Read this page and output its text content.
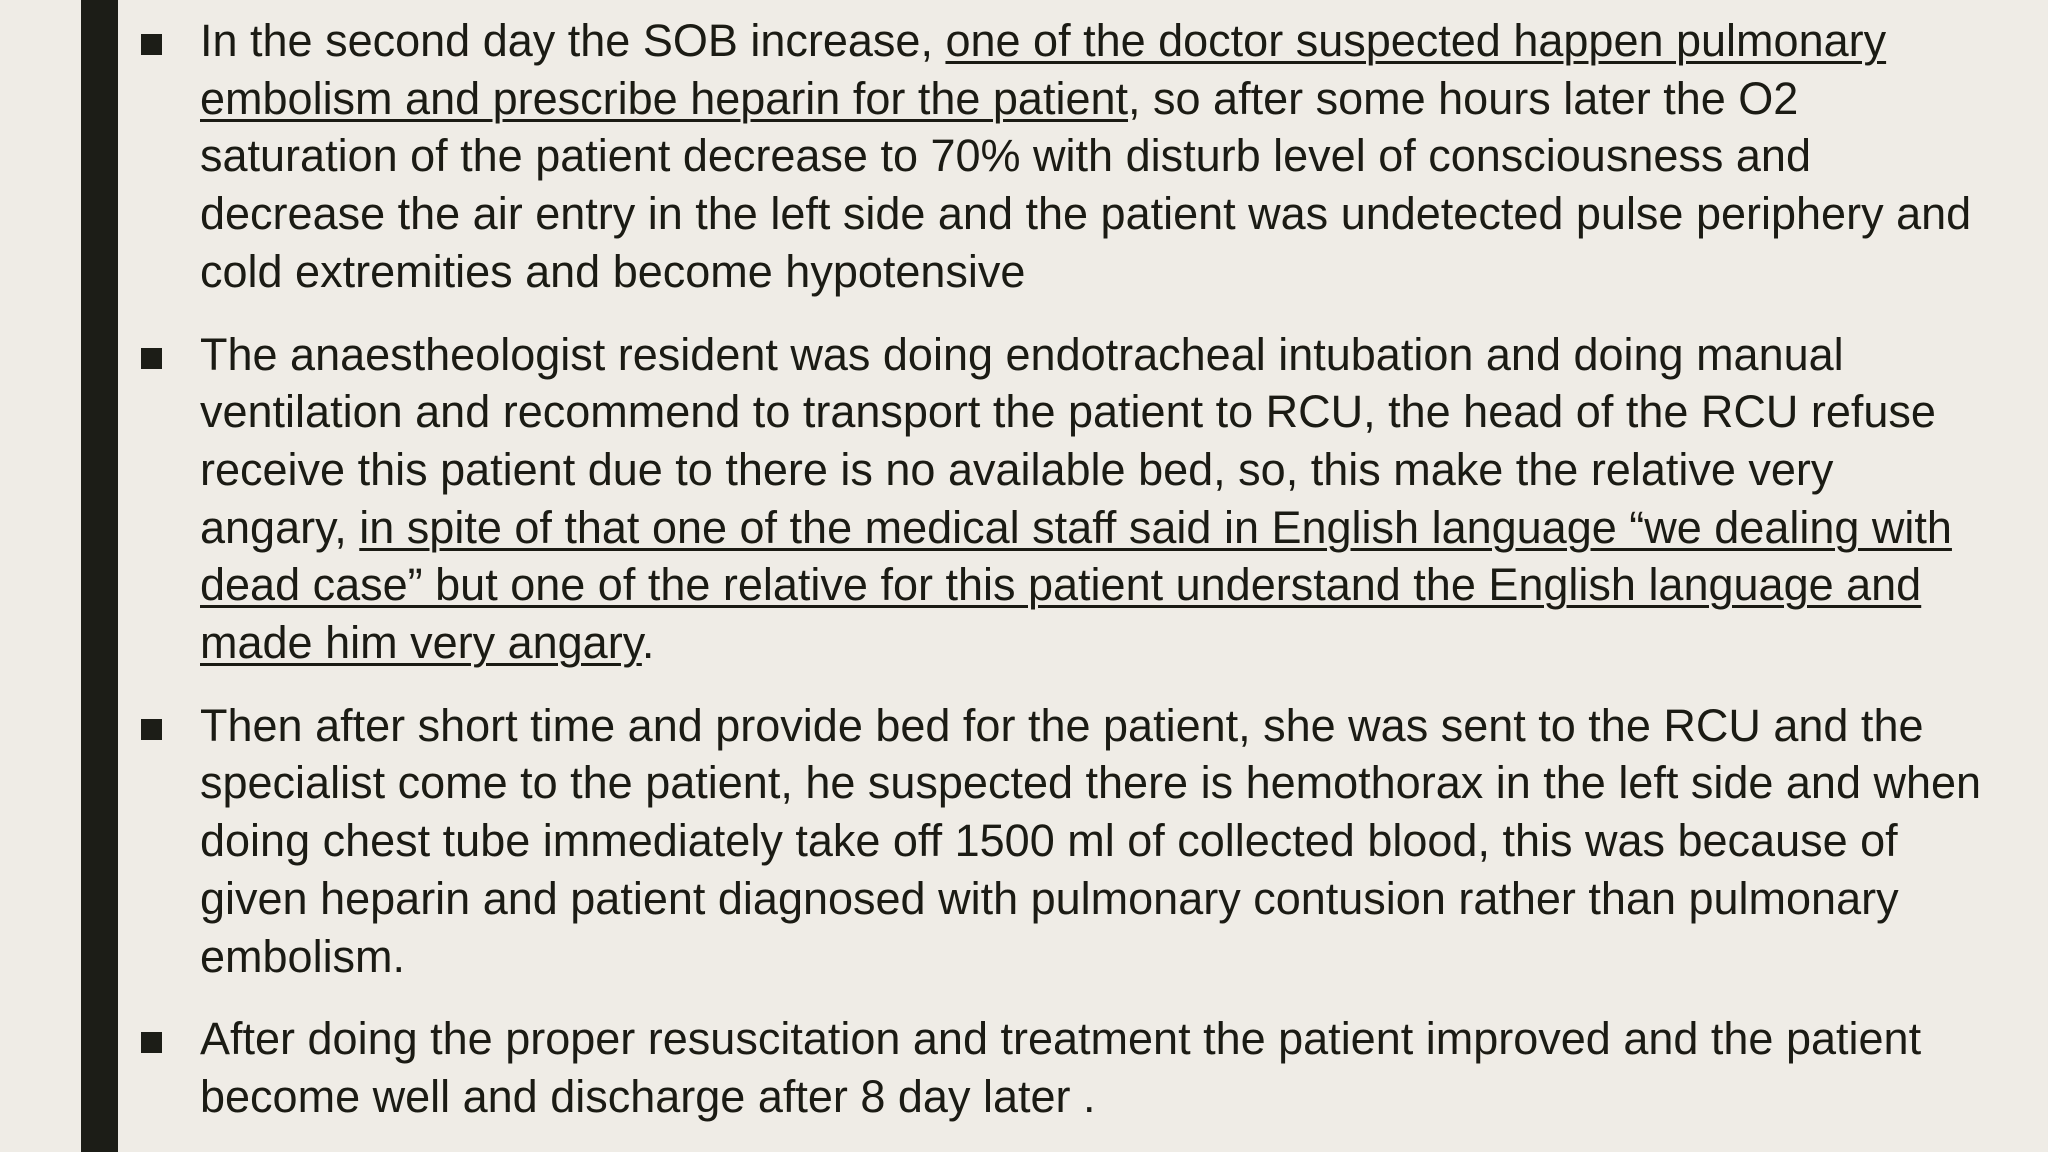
In the second day the SOB increase, one of the doctor suspected happen pulmonary embolism and prescribe heparin for the patient, so after some hours later the O2 saturation of the patient decrease to 70% with disturb level of consciousness and decrease the air entry in the left side and the patient was undetected pulse periphery and cold extremities and become hypotensive
The anaestheologist resident was doing endotracheal intubation and doing manual ventilation and recommend to transport the patient to RCU, the head of the RCU refuse receive this patient due to there is no available bed, so, this make the relative very angary, in spite of that one of the medical staff said in English language “we dealing with dead case” but one of the relative for this patient understand the English language and made him very angary.
Then after short time and provide bed for the patient, she was sent to the RCU and the specialist come to the patient, he suspected there is hemothorax in the left side and when doing chest tube immediately take off 1500 ml of collected blood, this was because of given heparin and patient diagnosed with pulmonary contusion rather than pulmonary embolism.
After doing the proper resuscitation and treatment the patient improved and the patient become well and discharge after 8 day later .
